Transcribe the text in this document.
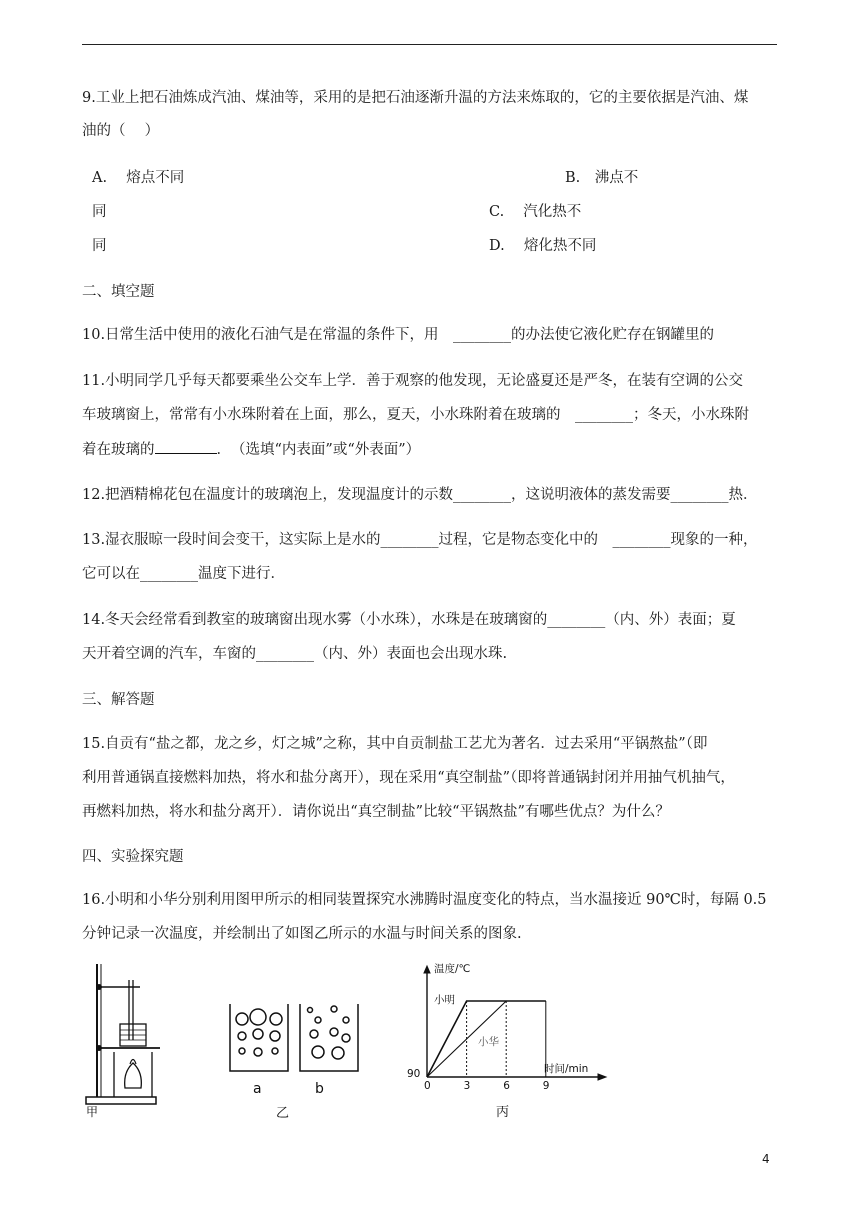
9.工业上把石油炼成汽油、煤油等，采用的是把石油逐渐升温的方法来炼取的，它的主要依据是汽油、煤
油的（　 ）
A.　 熔点不同	B.　沸点不
同	C.　 汽化热不
同	D.　 熔化热不同
二、填空题
10.日常生活中使用的液化石油气是在常温的条件下，用　________的办法使它液化贮存在钢罐里的
11.小明同学几乎每天都要乘坐公交车上学．善于观察的他发现，无论盛夏还是严冬，在装有空调的公交
车玻璃窗上，常常有小水珠附着在上面，那么，夏天，小水珠附着在玻璃的　________；冬天，小水珠附
着在玻璃的	．　（选填“内表面”或“外表面”）
12.把酒精棉花包在温度计的玻璃泡上，发现温度计的示数________，这说明液体的蒸发需要________热．
13.湿衣服晾一段时间会变干，这实际上是水的________过程，它是物态变化中的　________现象的一种，
它可以在________温度下进行．
14.冬天会经常看到教室的玻璃窗出现水雾（小水珠），水珠是在玻璃窗的________（内、外）表面；夏
天开着空调的汽车，车窗的________（内、外）表面也会出现水珠.
三、解答题
15.自贡有“盐之都，龙之乡，灯之城”之称，其中自贡制盐工艺尤为著名．过去采用“平锅熬盐”（即
利用普通锅直接燃料加热，将水和盐分离开），现在采用“真空制盐”（即将普通锅封闭并用抽气机抽气，
再燃料加热，将水和盐分离开）．请你说出“真空制盐”比较“平锅熬盐”有哪些优点？为什么？
四、实验探究题
16.小明和小华分别利用图甲所示的相同装置探究水沸腾时温度变化的特点，当水温接近 90℃时，每隔 0.5
分钟记录一次温度，并绘制出了如图乙所示的水温与时间关系的图象.
甲
a	b
乙
温度/℃
时间/min
小明
小华
90
0	3	6	9
丙
4
